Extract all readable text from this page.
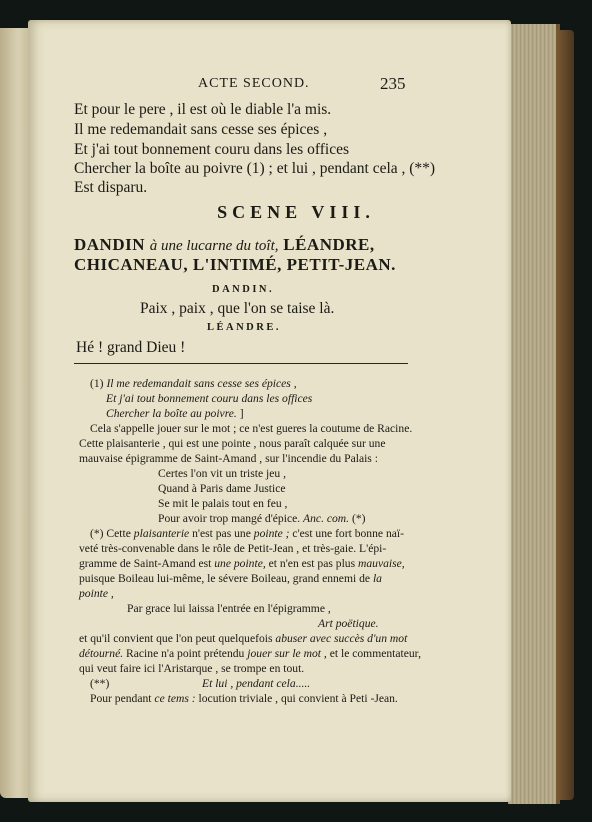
ACTE SECOND.	235
Et pour le pere , il est où le diable l'a mis.
Il me redemandait sans cesse ses épices ,
Et j'ai tout bonnement couru dans les offices
Chercher la boîte au poivre (1) ; et lui , pendant cela , (**)
Est disparu.
SCENE VIII.
DANDIN à une lucarne du toît, LÉANDRE,
CHICANEAU, L'INTIMÉ, PETIT-JEAN.
DANDIN.
Paix , paix , que l'on se taise là.
LÉANDRE.
Hé ! grand Dieu !
(1) Il me redemandait sans cesse ses épices ,
Et j'ai tout bonnement couru dans les offices
Chercher la boîte au poivre. ]
Cela s'appelle jouer sur le mot ; ce n'est gueres la coutume de Racine.
Cette plaisanterie , qui est une pointe , nous paraît calquée sur une
mauvaise épigramme de Saint-Amand , sur l'incendie du Palais :
Certes l'on vit un triste jeu ,
Quand à Paris dame Justice
Se mit le palais tout en feu ,
Pour avoir trop mangé d'épice. Anc. com. (*)
(*) Cette plaisanterie n'est pas une pointe ; c'est une fort bonne naï-
veté très-convenable dans le rôle de Petit-Jean , et très-gaie. L'épi-
gramme de Saint-Amand est une pointe, et n'en est pas plus mauvaise,
puisque Boileau lui-même, le sévere Boileau, grand ennemi de la
pointe ,
Par grace lui laissa l'entrée en l'épigramme ,
Art poëtique.
et qu'il convient que l'on peut quelquefois abuser avec succès d'un mot
détourné. Racine n'a point prétendu jouer sur le mot , et le commentateur,
qui veut faire ici l'Aristarque , se trompe en tout.
(**)	Et lui , pendant cela.....
Pour pendant ce tems : locution triviale , qui convient à Peti -Jean.
